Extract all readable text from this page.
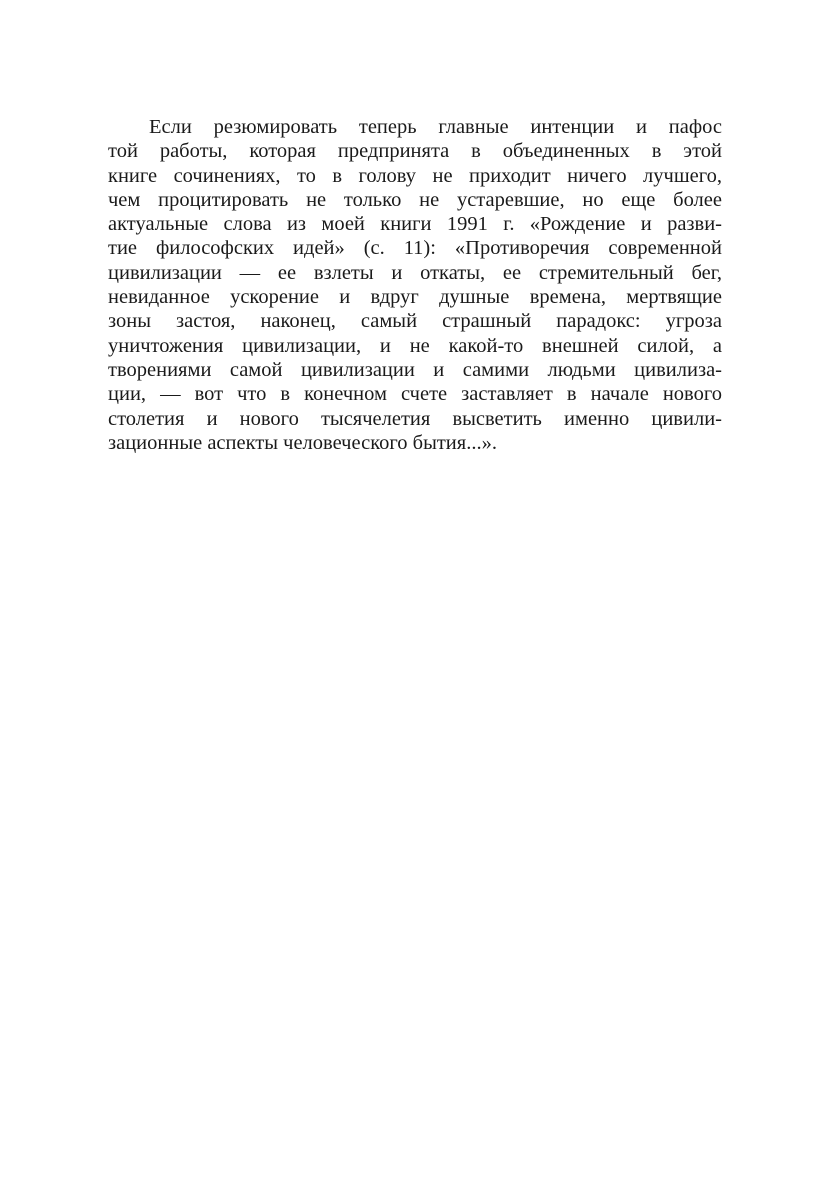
Если резюмировать теперь главные интенции и пафос
той работы, которая предпринята в объединенных в этой
книге сочинениях, то в голову не приходит ничего лучшего,
чем процитировать не только не устаревшие, но еще более
актуальные слова из моей книги 1991 г. «Рождение и разви-
тие философских идей» (с. 11): «Противоречия современной
цивилизации — ее взлеты и откаты, ее стремительный бег,
невиданное ускорение и вдруг душные времена, мертвящие
зоны застоя, наконец, самый страшный парадокс: угроза
уничтожения цивилизации, и не какой-то внешней силой, а
творениями самой цивилизации и самими людьми цивилиза-
ции, — вот что в конечном счете заставляет в начале нового
столетия и нового тысячелетия высветить именно цивили-
зационные аспекты человеческого бытия...».
